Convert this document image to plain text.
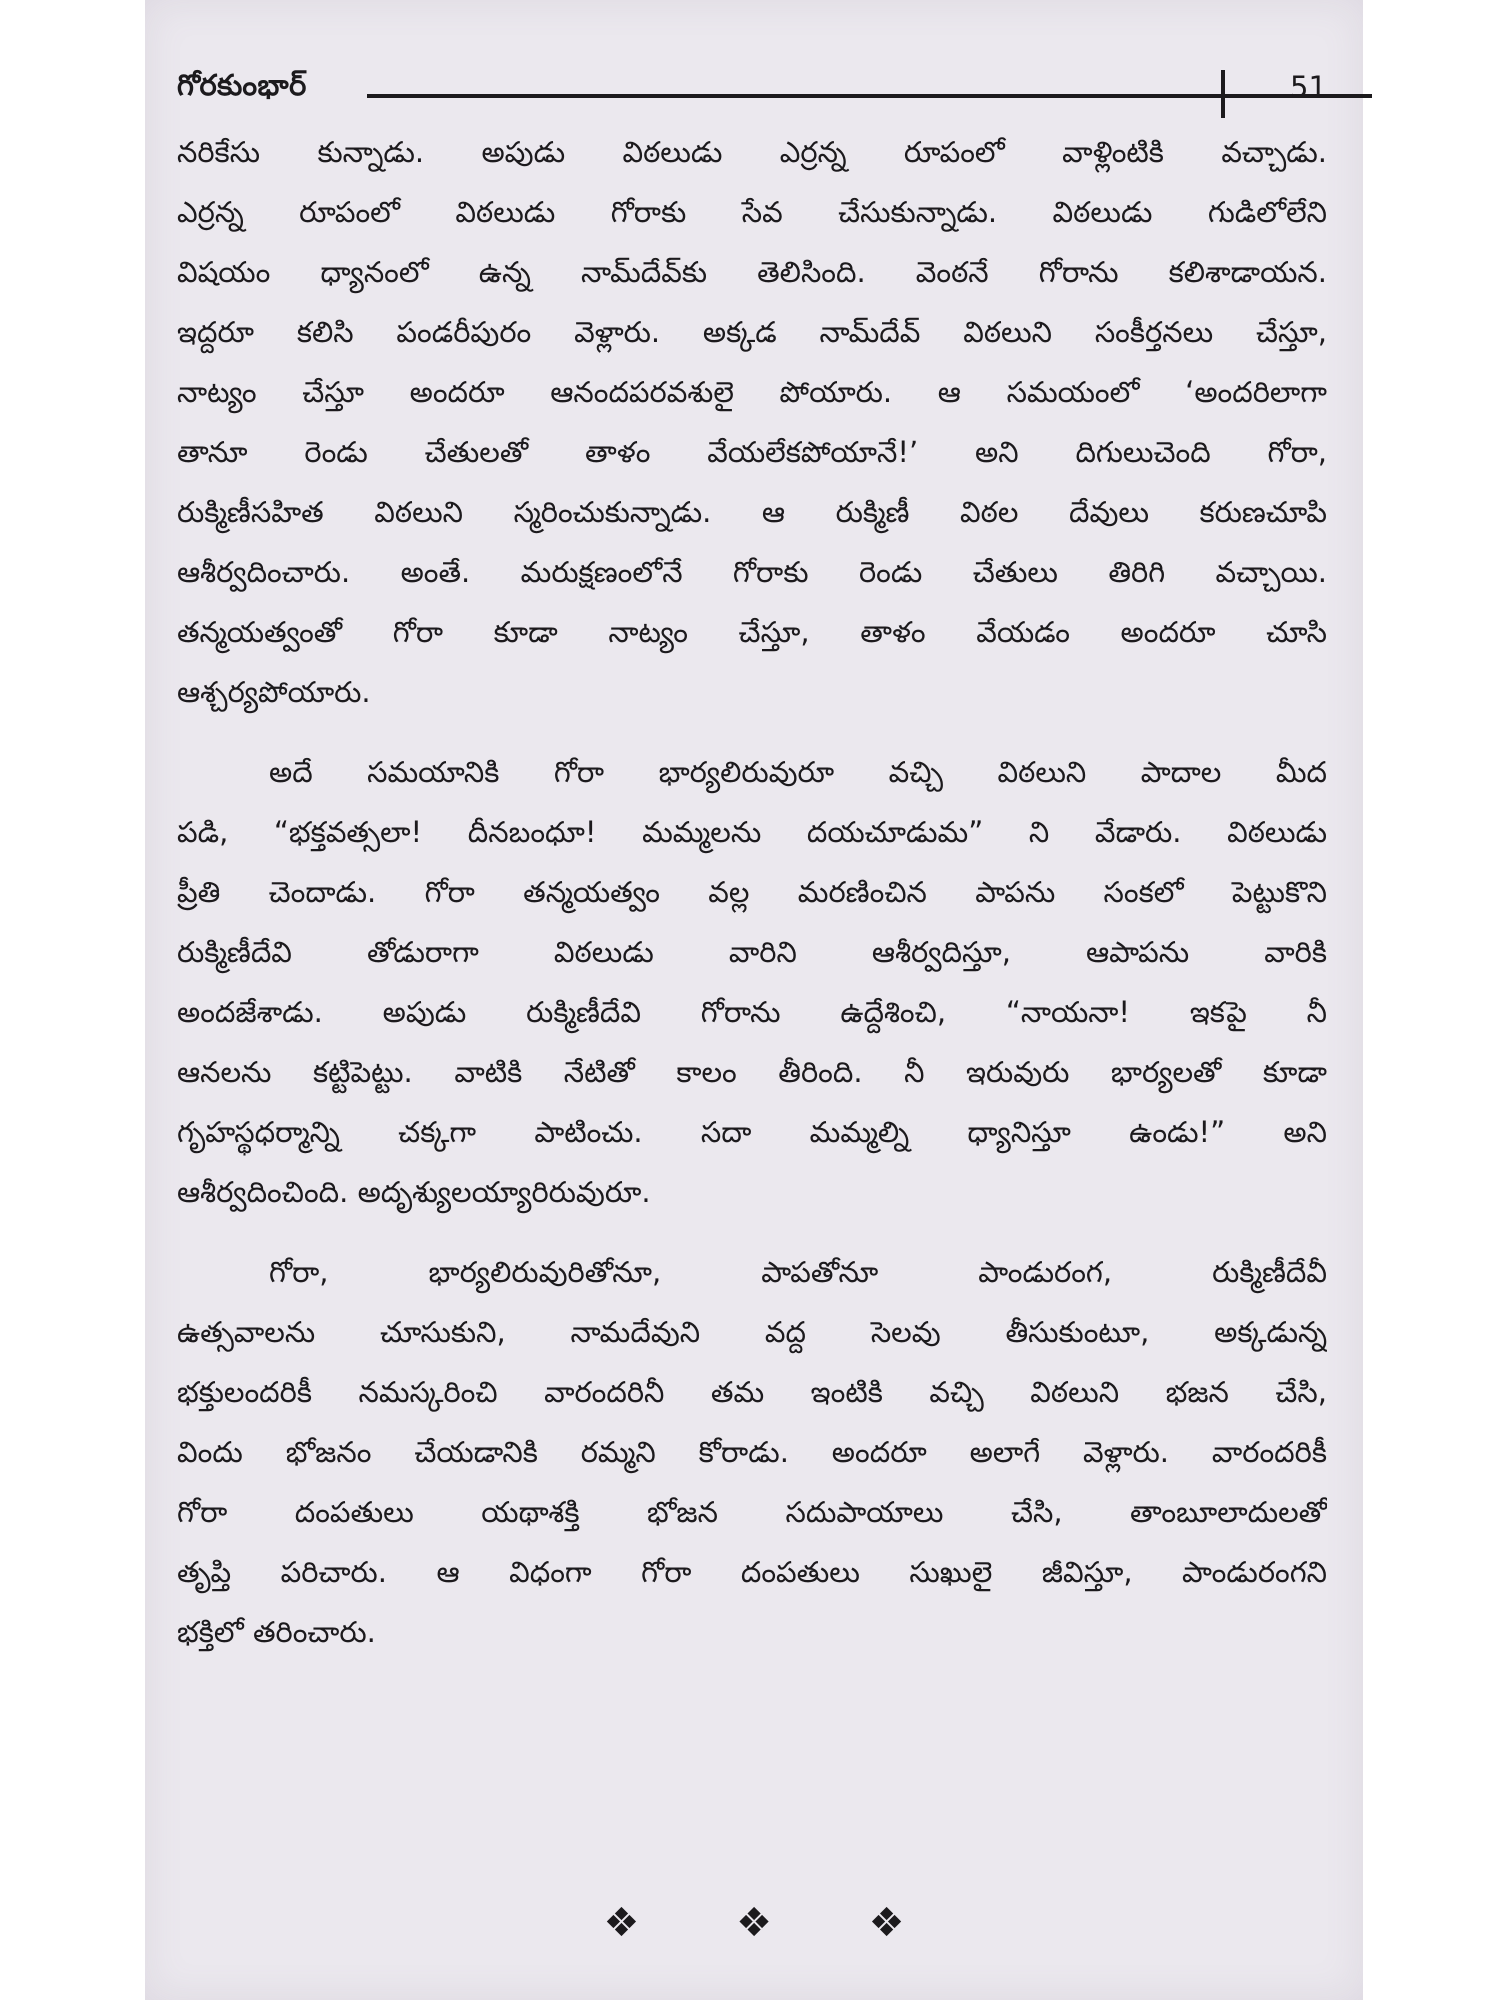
గోరకుంభార్	51
నరికేసు కున్నాడు. అపుడు విఠలుడు ఎర్రన్న రూపంలో వాళ్లింటికి వచ్చాడు.
ఎర్రన్న రూపంలో విఠలుడు గోరాకు సేవ చేసుకున్నాడు. విఠలుడు గుడిలోలేని
విషయం ధ్యానంలో ఉన్న నామ్‌దేవ్‌కు తెలిసింది. వెంఠనే గోరాను కలిశాడాయన.
ఇద్దరూ కలిసి పండరీపురం వెళ్లారు. అక్కడ నామ్‌దేవ్ విఠలుని సంకీర్తనలు చేస్తూ,
నాట్యం చేస్తూ అందరూ ఆనందపరవశులై పోయారు. ఆ సమయంలో ‘అందరిలాగా
తానూ రెండు చేతులతో తాళం వేయలేకపోయానే!’ అని దిగులుచెంది గోరా,
రుక్మిణీసహిత విఠలుని స్మరించుకున్నాడు. ఆ రుక్మిణీ విఠల దేవులు కరుణచూపి
ఆశీర్వదించారు. అంతే. మరుక్షణంలోనే గోరాకు రెండు చేతులు తిరిగి వచ్చాయి.
తన్మయత్వంతో గోరా కూడా నాట్యం చేస్తూ, తాళం వేయడం అందరూ చూసి
ఆశ్చర్యపోయారు.
అదే సమయానికి గోరా భార్యలిరువురూ వచ్చి విఠలుని పాదాల మీద
పడి, “భక్తవత్సలా! దీనబంధూ! మమ్మలను దయచూడుమ” ని వేడారు. విఠలుడు
ప్రీతి చెందాడు. గోరా తన్మయత్వం వల్ల మరణించిన పాపను సంకలో పెట్టుకొని
రుక్మిణీదేవి తోడురాగా విఠలుడు వారిని ఆశీర్వదిస్తూ, ఆపాపను వారికి
అందజేశాడు. అపుడు రుక్మిణీదేవి గోరాను ఉద్దేశించి, “నాయనా! ఇకపై నీ
ఆనలను కట్టిపెట్టు. వాటికి నేటితో కాలం తీరింది. నీ ఇరువురు భార్యలతో కూడా
గృహస్థధర్మాన్ని చక్కగా పాటించు. సదా మమ్మల్ని ధ్యానిస్తూ ఉండు!” అని
ఆశీర్వదించింది. అదృశ్యులయ్యారిరువురూ.
గోరా, భార్యలిరువురితోనూ, పాపతోనూ పాండురంగ, రుక్మిణీదేవీ
ఉత్సవాలను చూసుకుని, నామదేవుని వద్ద సెలవు తీసుకుంటూ, అక్కడున్న
భక్తులందరికీ నమస్కరించి వారందరినీ తమ ఇంటికి వచ్చి విఠలుని భజన చేసి,
విందు భోజనం చేయడానికి రమ్మని కోరాడు. అందరూ అలాగే వెళ్లారు. వారందరికీ
గోరా దంపతులు యథాశక్తి భోజన సదుపాయాలు చేసి, తాంబూలాదులతో
తృప్తి పరిచారు. ఆ విధంగా గోరా దంపతులు సుఖులై జీవిస్తూ, పాండురంగని
భక్తిలో తరించారు.
❖ ❖ ❖
